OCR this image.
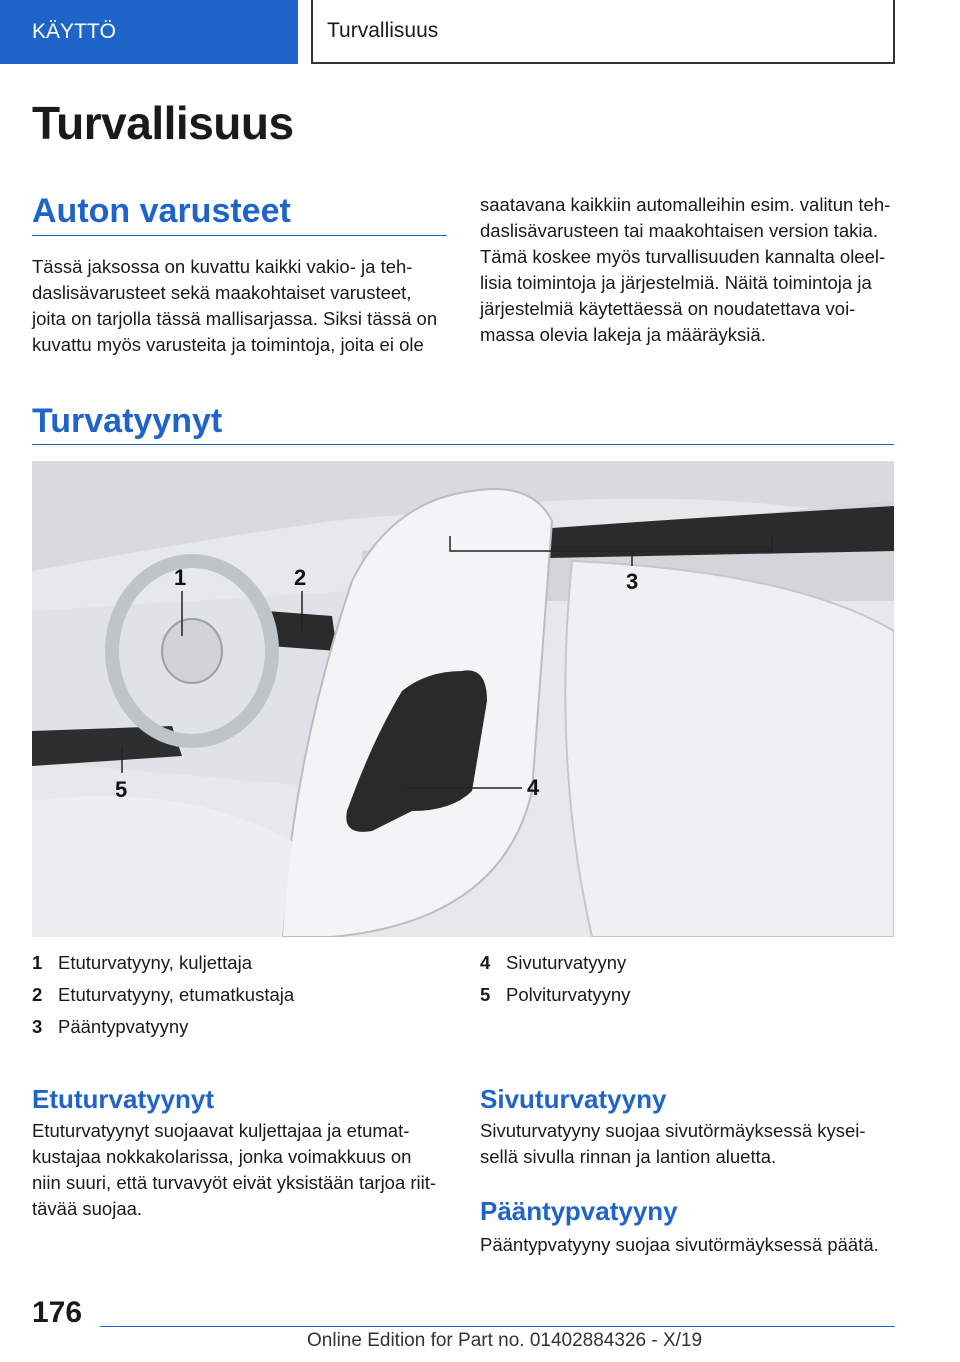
KÄYTTÖ	Turvallisuus
Turvallisuus
Auton varusteet
Tässä jaksossa on kuvattu kaikki vakio- ja teh-
daslisävarusteet sekä maakohtaiset varusteet,
joita on tarjolla tässä mallisarjassa. Siksi tässä on
kuvattu myös varusteita ja toimintoja, joita ei ole
saatavana kaikkiin automalleihin esim. valitun teh-
daslisävarusteen tai maakohtaisen version takia.
Tämä koskee myös turvallisuuden kannalta oleel-
lisia toimintoja ja järjestelmiä. Näitä toimintoja ja
järjestelmiä käytettäessä on noudatettava voi-
massa olevia lakeja ja määräyksiä.
Turvatyynyt
1	2	3
4
5
1 Etuturvatyyny, kuljettaja
2 Etuturvatyyny, etumatkustaja
3 Pääntурvatyyny
4 Sivuturvatyyny
5 Polviturvatyyny
Etuturvatyynyt
Etuturvatyynyt suojaavat kuljettajaa ja etumat-
kustajaa nokkakolarissa, jonka voimakkuus on
niin suuri, että turvavyöt eivät yksistään tarjoa riit-
tävää suojaa.
Sivuturvatyyny
Sivuturvatyyny suojaa sivutörmäyksessä kysei-
sellä sivulla rinnan ja lantion aluetta.
Pääntурvatyyny
Pääntурvatyyny suojaa sivutörmäyksessä päätä.
176
Online Edition for Part no. 01402884326 - X/19
